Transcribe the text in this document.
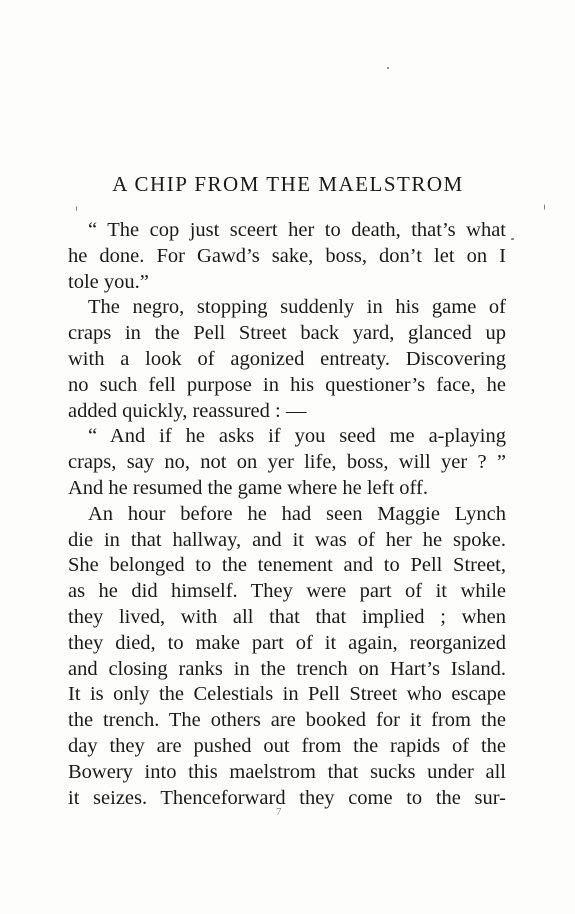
A CHIP FROM THE MAELSTROM
“ The cop just sceert her to death, that’s what
he done. For Gawd’s sake, boss, don’t let on I
tole you.”
The negro, stopping suddenly in his game of
craps in the Pell Street back yard, glanced up
with a look of agonized entreaty. Discovering
no such fell purpose in his questioner’s face, he
added quickly, reassured : —
“ And if he asks if you seed me a-playing
craps, say no, not on yer life, boss, will yer ? ”
And he resumed the game where he left off.
An hour before he had seen Maggie Lynch
die in that hallway, and it was of her he spoke.
She belonged to the tenement and to Pell Street,
as he did himself. They were part of it while
they lived, with all that that implied ; when
they died, to make part of it again, reorganized
and closing ranks in the trench on Hart’s Island.
It is only the Celestials in Pell Street who escape
the trench. The others are booked for it from the
day they are pushed out from the rapids of the
Bowery into this maelstrom that sucks under all
it seizes. Thenceforward they come to the sur-
7
